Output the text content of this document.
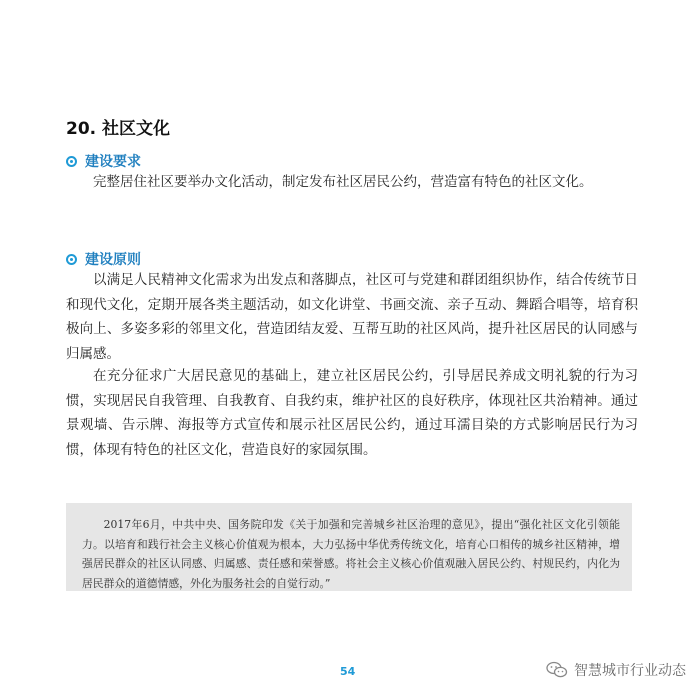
20. 社区文化
建设要求

完整居住社区要举办文化活动，制定发布社区居民公约，营造富有特色的社区文化。

建设原则

以满足人民精神文化需求为出发点和落脚点，社区可与党建和群团组织协作，结合传统节日和现代文化，定期开展各类主题活动，如文化讲堂、书画交流、亲子互动、舞蹈合唱等，培育积极向上、多姿多彩的邻里文化，营造团结友爱、互帮互助的社区风尚，提升社区居民的认同感与归属感。

在充分征求广大居民意见的基础上，建立社区居民公约，引导居民养成文明礼貌的行为习惯，实现居民自我管理、自我教育、自我约束，维护社区的良好秩序，体现社区共治精神。通过景观墙、告示牌、海报等方式宣传和展示社区居民公约，通过耳濡目染的方式影响居民行为习惯，体现有特色的社区文化，营造良好的家园氛围。

2017年6月，中共中央、国务院印发《关于加强和完善城乡社区治理的意见》，提出“强化社区文化引领能力。以培育和践行社会主义核心价值观为根本，大力弘扬中华优秀传统文化，培育心口相传的城乡社区精神，增强居民群众的社区认同感、归属感、责任感和荣誉感。将社会主义核心价值观融入居民公约、村规民约，内化为居民群众的道德情感，外化为服务社会的自觉行动。”
54	智慧城市行业动态
